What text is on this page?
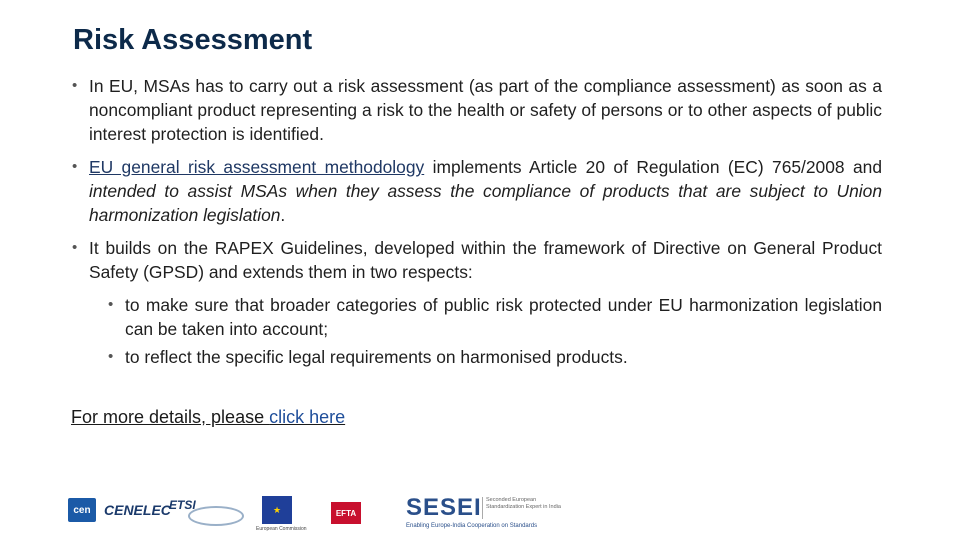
Risk Assessment

• In EU, MSAs has to carry out a risk assessment (as part of the compliance assessment) as soon as a noncompliant product representing a risk to the health or safety of persons or to other aspects of public interest protection is identified.

• EU general risk assessment methodology implements Article 20 of Regulation (EC) 765/2008 and intended to assist MSAs when they assess the compliance of products that are subject to Union harmonization legislation.

• It builds on the RAPEX Guidelines, developed within the framework of Directive on General Product Safety (GPSD) and extends them in two respects:

• to make sure that broader categories of public risk protected under EU harmonization legislation can be taken into account;

• to reflect the specific legal requirements on harmonised products.

For more details, please click here
cen CENELEC
ETSI	★
European Commission
EFTA SESEI Seconded European Standardization Expert in India
Enabling Europe-India Cooperation on Standards
